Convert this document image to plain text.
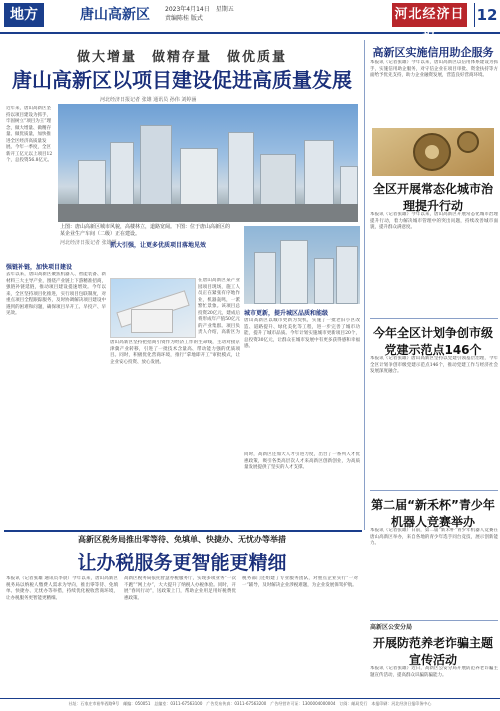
地方	唐山高新区	2023年4月14日　星期五
责编陈桂 版式	河北经济日报
12
做大增量　做精存量　做优质量
唐山高新区以项目建设促进高质量发展
河北经济日报记者 张雄 通讯员 孙伟 刘婷涵
近年来，唐山高新区坚持以项目建设为抓手，牢固树立“项目为王”理念，做大增量、做精存量、做优质量，加快推进全区经济高质量发展。今年一季度，全区新开工亿元以上项目12个，总投资56.8亿元。
上图：唐山高新区城市风貌，高楼林立，道路宽阔。下图：位于唐山高新区的某企业生产车间（二级）正在建设。
河北经济日报记者 张雄摄
强链补链，加快项目建设
去年以来，唐山高新区聚焦机器人、智能装备、新材料三大主导产业，围绕产业链上下游精准招商，强链补链延链，推动项目建设提速增效。今年以来，全区坚持项目化推进，实行项目包联制度，对重点项目全程跟踪服务，及时协调解决项目建设中遇到的困难和问题，确保项目早开工、早投产、早见效。
抓大引强，让更多优质项目落地见效
在唐山高新区某产业园项目现场，施工人员正在紧张有序地作业，机器轰鸣，一派繁忙景象。该项目总投资20亿元，建成后将形成年产值50亿元的产业集群。项目负责人介绍，高新区为
唐山高新区坚持把招商引资作为经济工作的生命线，主动对接京津冀产业转移，引进了一批技术含量高、带动能力强的优质项目。同时，积极优化营商环境，推行“拿地即开工”审批模式，让企业安心投资、放心发展。
城市更新，提升城区品质和能级
唐山高新区以城市更新为契机，实施了一批老旧小区改造、道路提升、绿化美化等工程，进一步完善了城市功能，提升了城市品质。今年计划实施城市更新项目20个，总投资30亿元，让群众在城市发展中有更多获得感和幸福感。
同时，高新区还加大人才引进力度，出台了一系列人才优惠政策，吸引各类高层次人才来高新区创新创业，为高质量发展提供了坚实的人才支撑。
高新区实施信用助企服务
本报讯（记者张雄）今年以来，唐山高新区以信用体系建设为抓手，实施信用助企服务，对守信企业在项目审批、资金扶持等方面给予优先支持，助力企业融资发展，营造良好营商环境。
全区开展常态化城市治理提升行动
本报讯（记者张雄）今年以来，唐山高新区开展常态化城市治理提升行动，着力解决城市管理中的突出问题，持续改善城市面貌，提升群众满意度。
今年全区计划争创市级党建示范点146个
本报讯（记者张雄）唐山高新区坚持以党建引领基层治理，今年全区计划争创市级党建示范点146个，推动党建工作与经济社会发展深度融合。
第二届“新禾杯”青少年机器人竞赛举办
本报讯（记者张雄）日前，第二届“新禾杯”青少年机器人竞赛在唐山高新区举办，来自各地的青少年选手同台竞技，展示创新能力。
高新区公安分局
开展防范养老诈骗主题宣传活动
本报讯（记者张雄）近日，高新区公安分局开展防范养老诈骗主题宣传活动，提高群众识骗防骗能力。
高新区税务局推出零等待、免填单、快捷办、无忧办等举措
让办税服务更智能更精细
本报讯（记者张雄 通讯员李晨）今年以来，唐山高新区税务局以纳税人缴费人需求为导向，推出零等待、免填单、快捷办、无忧办等举措，持续优化税收营商环境，让办税服务更智能更精细。
高新区税务局依托智慧办税服务厅，实现多项业务“一次不跑”“网上办”，大大提升了纳税人办税体验。同时，开展“春风行动”，送政策上门，帮助企业用足用好税费优惠政策。
税务部门还组建了专业服务团队，对重点企业实行“一对一”辅导，及时解决企业涉税难题，为企业发展保驾护航。
社址：石家庄市裕华西路9号　邮编：050051　总编室：0311-67563100　广告发布传真：0311-67563200　广告经营许可证：1300004000004　订阅：邮局发行　本报印刷：河北经济日报印务中心
